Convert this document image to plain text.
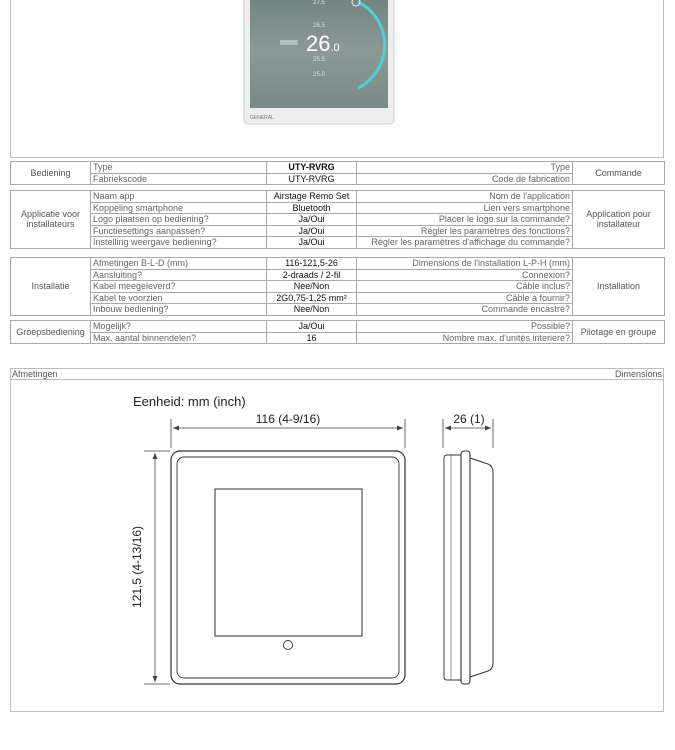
27.5
26.5
26.0
25.5
25.0
GENERAL
Bediening	Type	UTY-RVRG	Type	Commande
	Fabriekscode	UTY-RVRG	Code de fabrication	
Applicatie voor installateurs	Naam app	Airstage Remo Set	Nom de l'application	Application pour installateur
	Koppeling smartphone	Bluetooth	Lien vers smartphone	
	Logo plaatsen op bediening?	Ja/Oui	Placer le logo sur la commande?	
	Functiesettings aanpassen?	Ja/Oui	Régler les paramètres des fonctions?	
	Instelling weergave bediening?	Ja/Oui	Régler les paramètres d'affichage du commande?	
Installatie	Afmetingen B-L-D (mm)	116-121,5-26	Dimensions de l'installation L-P-H (mm)	Installation
	Aansluiting?	2-draads / 2-fil	Connexion?	
	Kabel meegeleverd?	Nee/Non	Câble inclus?	
	Kabel te voorzien	2G0,75-1,25 mm²	Câble à fournir?	
	Inbouw bediening?	Nee/Non	Commande encastré?	
Groepsbediening	Mogelijk?	Ja/Oui	Possible?	Pilotage en groupe
	Max. aantal binnendelen?	16	Nombre max. d'unités interiere?	
Afmetingen	Dimensions
Eenheid: mm (inch)
116 (4-9/16)	26 (1)
121,5 (4-13/16)
